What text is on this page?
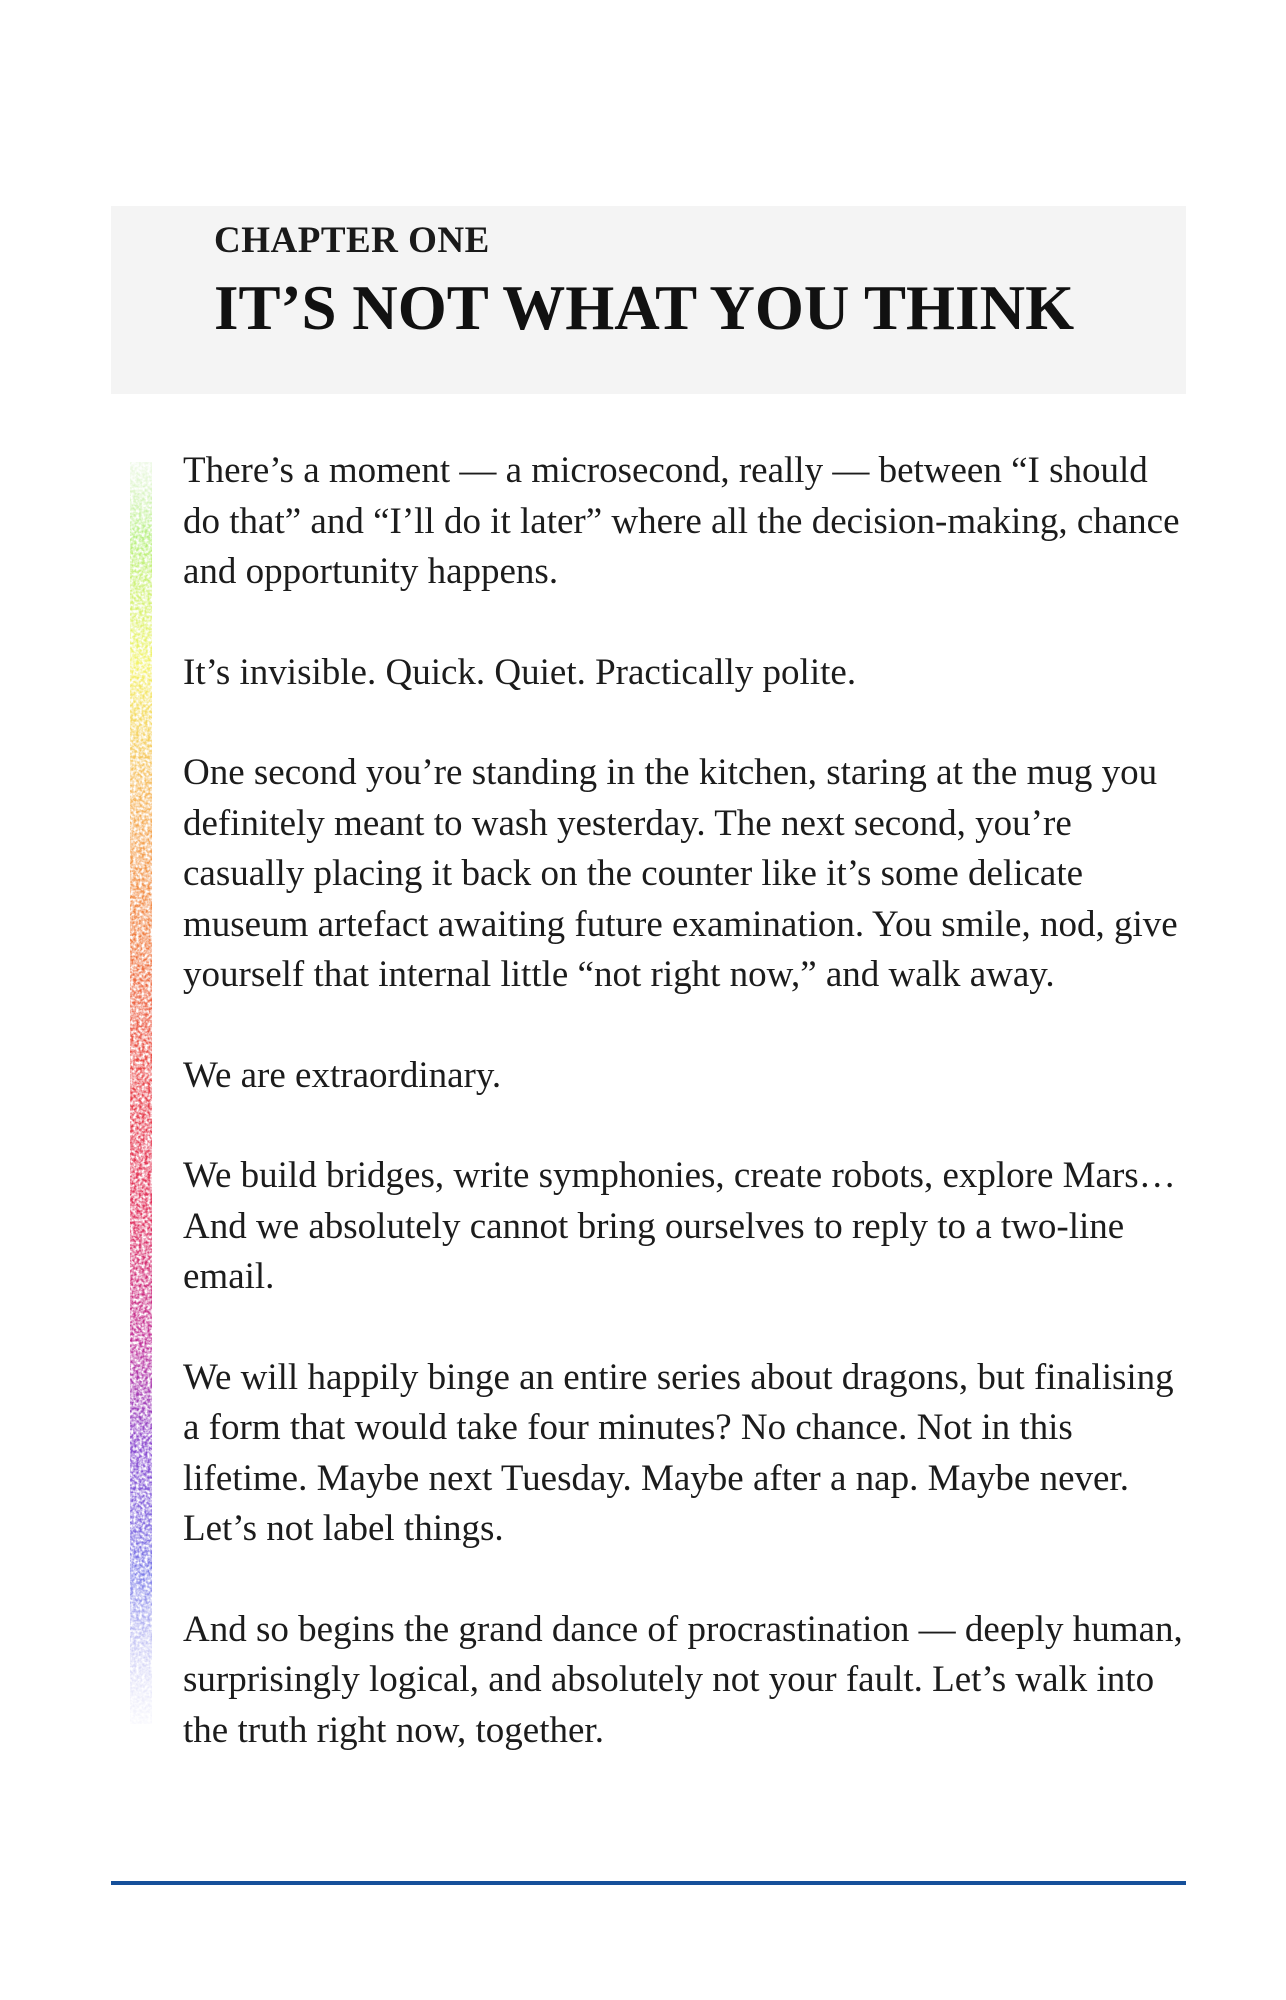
CHAPTER ONE
IT’S NOT WHAT YOU THINK

There’s a moment — a microsecond, really — between “I should do that” and “I’ll do it later” where all the decision-making, chance and opportunity happens.

It’s invisible. Quick. Quiet. Practically polite.

One second you’re standing in the kitchen, staring at the mug you definitely meant to wash yesterday. The next second, you’re casually placing it back on the counter like it’s some delicate museum artefact awaiting future examination. You smile, nod, give yourself that internal little “not right now,” and walk away.

We are extraordinary.

We build bridges, write symphonies, create robots, explore Mars…And we absolutely cannot bring ourselves to reply to a two-line email.

We will happily binge an entire series about dragons, but finalising a form that would take four minutes? No chance. Not in this lifetime. Maybe next Tuesday. Maybe after a nap. Maybe never. Let’s not label things.

And so begins the grand dance of procrastination — deeply human, surprisingly logical, and absolutely not your fault. Let’s walk into the truth right now, together.
